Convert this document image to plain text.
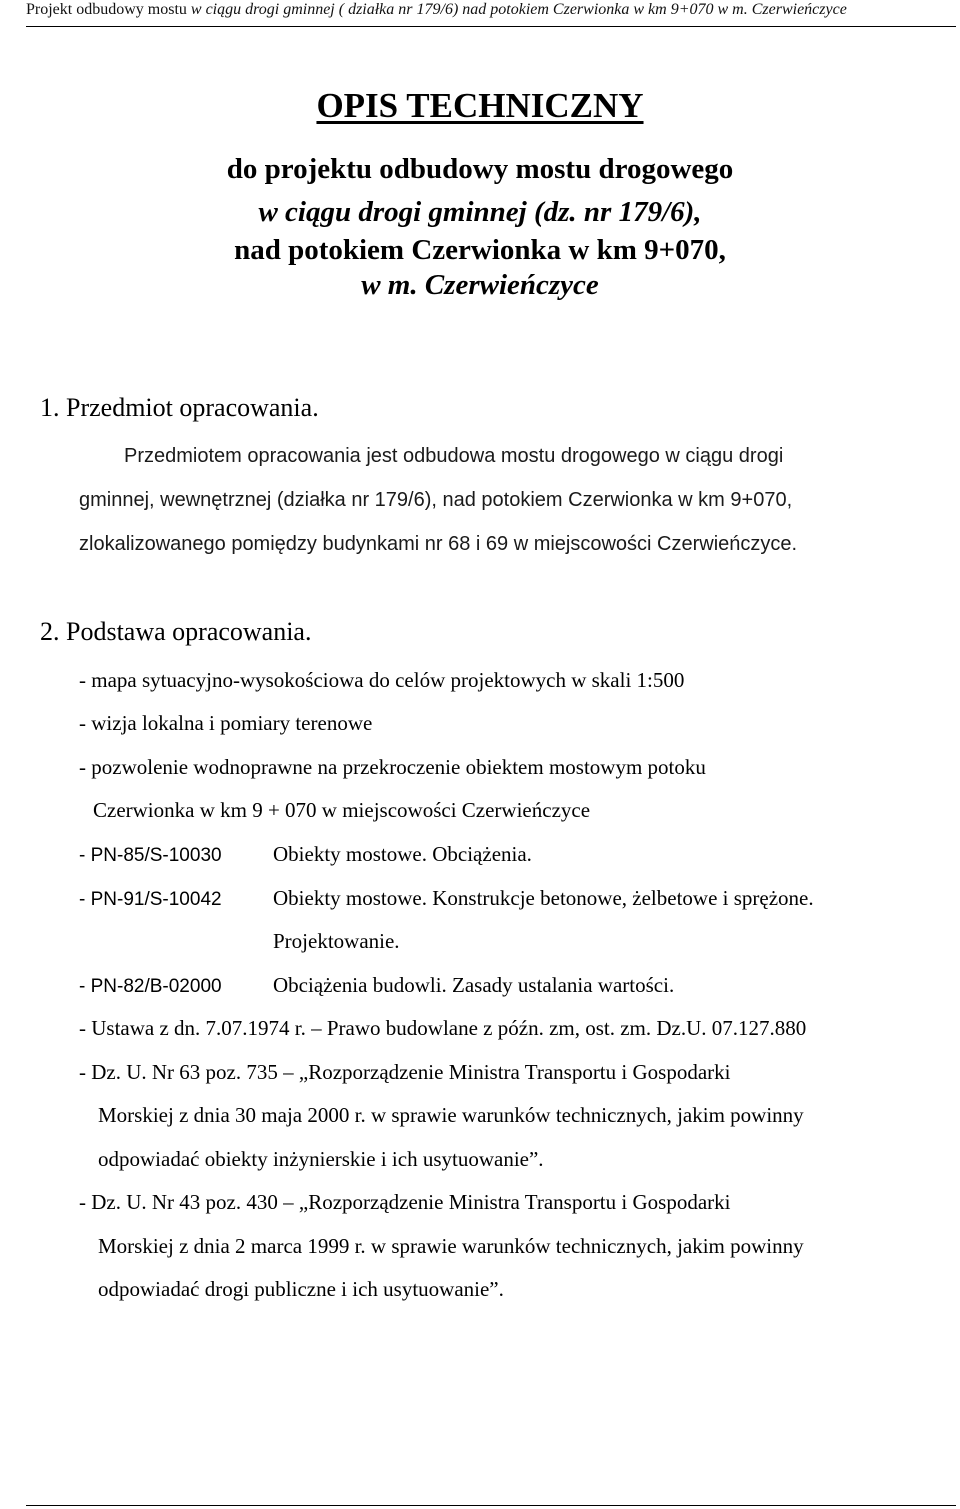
Projekt odbudowy mostu w ciągu drogi gminnej ( działka nr 179/6) nad potokiem Czerwionka w km 9+070 w m. Czerwieńczyce
OPIS TECHNICZNY
do projektu odbudowy mostu drogowego
w ciągu drogi gminnej (dz. nr 179/6),
nad potokiem Czerwionka w km 9+070,
w m. Czerwieńczyce
1. Przedmiot opracowania.
Przedmiotem opracowania jest odbudowa mostu drogowego w ciągu drogi
gminnej, wewnętrznej (działka nr 179/6), nad potokiem Czerwionka w km 9+070,
zlokalizowanego pomiędzy budynkami nr 68 i 69 w miejscowości Czerwieńczyce.
2. Podstawa opracowania.
- mapa sytuacyjno-wysokościowa do celów projektowych w skali 1:500
- wizja lokalna i pomiary terenowe
- pozwolenie wodnoprawne na przekroczenie obiektem mostowym potoku
Czerwionka w km 9 + 070 w miejscowości Czerwieńczyce
- PN-85/S-10030 Obiekty mostowe. Obciążenia.
- PN-91/S-10042 Obiekty mostowe. Konstrukcje betonowe, żelbetowe i sprężone.
Projektowanie.
- PN-82/B-02000 Obciążenia budowli. Zasady ustalania wartości.
- Ustawa z dn. 7.07.1974 r. – Prawo budowlane z późn. zm, ost. zm. Dz.U. 07.127.880
- Dz. U. Nr 63 poz. 735 – „Rozporządzenie Ministra Transportu i Gospodarki
Morskiej z dnia 30 maja 2000 r. w sprawie warunków technicznych, jakim powinny
odpowiadać obiekty inżynierskie i ich usytuowanie”.
- Dz. U. Nr 43 poz. 430 – „Rozporządzenie Ministra Transportu i Gospodarki
Morskiej z dnia 2 marca 1999 r. w sprawie warunków technicznych, jakim powinny
odpowiadać drogi publiczne i ich usytuowanie”.
